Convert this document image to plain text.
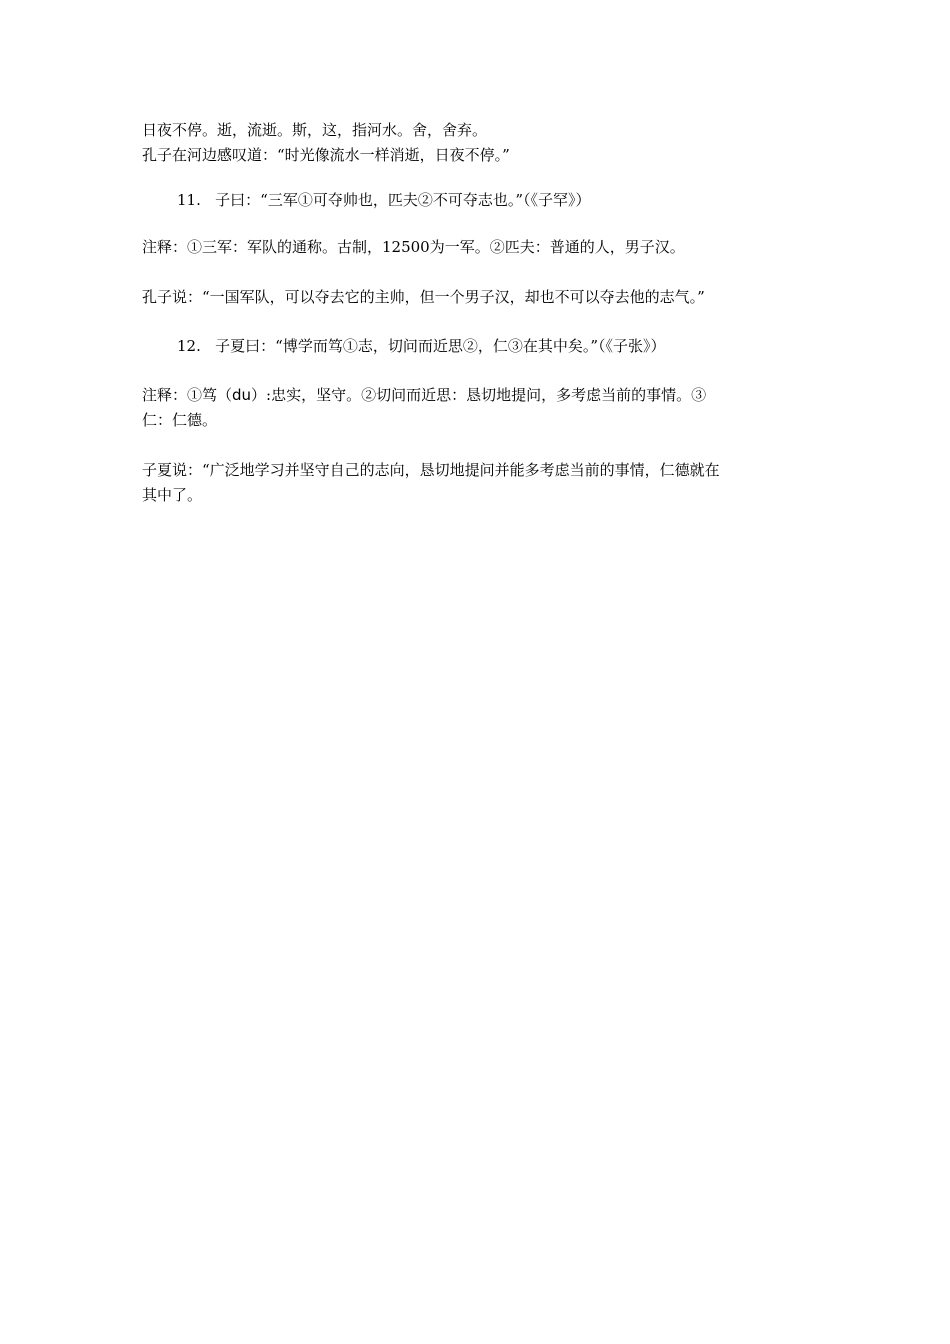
日夜不停。逝，流逝。斯，这，指河水。舍，舍弃。
孔子在河边感叹道：“时光像流水一样消逝，日夜不停。”
11.   子曰：“三军①可夺帅也，匹夫②不可夺志也。”（《子罕》）
注释：①三军：军队的通称。古制，12500为一军。②匹夫：普通的人，男子汉。
孔子说：“一国军队，可以夺去它的主帅，但一个男子汉，却也不可以夺去他的志气。”
12.   子夏曰：“博学而笃①志，切问而近思②，仁③在其中矣。”（《子张》）
注释：①笃（du）:忠实，坚守。②切问而近思：恳切地提问，多考虑当前的事情。③
仁：仁德。
子夏说：“广泛地学习并坚守自己的志向，恳切地提问并能多考虑当前的事情，仁德就在
其中了。
